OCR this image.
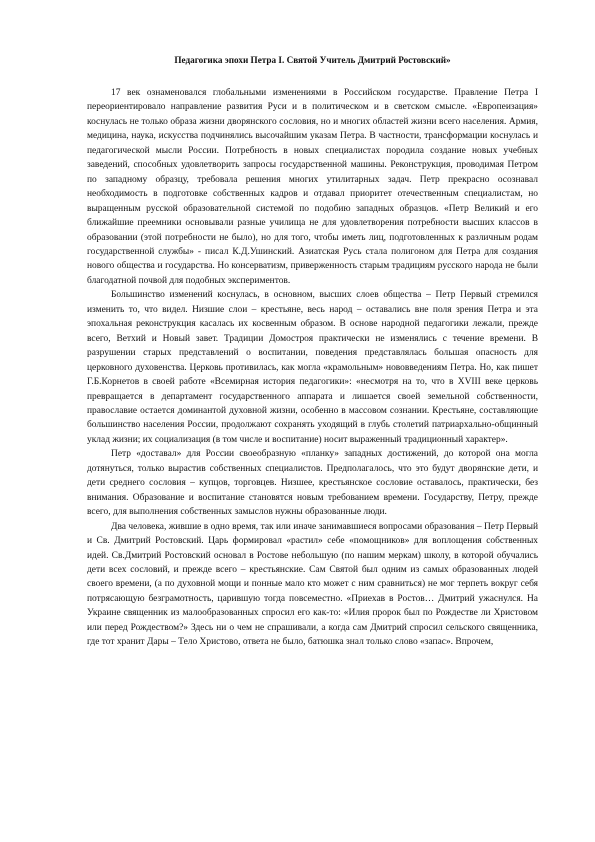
Педагогика эпохи Петра I. Святой Учитель Дмитрий Ростовский»

17 век ознаменовался глобальными изменениями в Российском государстве. Правление Петра I переориентировало направление развития Руси и в политическом и в светском смысле. «Европеизация» коснулась не только образа жизни дворянского сословия, но и многих областей жизни всего населения. Армия, медицина, наука, искусства подчинялись высочайшим указам Петра. В частности, трансформации коснулась и педагогической мысли России. Потребность в новых специалистах породила создание новых учебных заведений, способных удовлетворить запросы государственной машины. Реконструкция, проводимая Петром по западному образцу, требовала решения многих утилитарных задач. Петр прекрасно осознавал необходимость в подготовке собственных кадров и отдавал приоритет отечественным специалистам, но выращенным русской образовательной системой по подобию западных образцов. «Петр Великий и его ближайшие преемники основывали разные училища не для удовлетворения потребности высших классов в образовании (этой потребности не было), но для того, чтобы иметь лиц, подготовленных к различным родам государственной службы» - писал К.Д.Ушинский. Азиатская Русь стала полигоном для Петра для создания нового общества и государства. Но консерватизм, приверженность старым традициям русского народа не были благодатной почвой для подобных экспериментов.

Большинство изменений коснулась, в основном, высших слоев общества – Петр Первый стремился изменить то, что видел. Низшие слои – крестьяне, весь народ – оставались вне поля зрения Петра и эта эпохальная реконструкция касалась их косвенным образом. В основе народной педагогики лежали, прежде всего, Ветхий и Новый завет. Традиции Домостроя практически не изменялись с течение времени. В разрушении старых представлений о воспитании, поведения представлялась большая опасность для церковного духовенства. Церковь противилась, как могла «крамольным» нововведениям Петра. Но, как пишет Г.Б.Корнетов в своей работе «Всемирная история педагогики»: «несмотря на то, что в XVIII веке церковь превращается в департамент государственного аппарата и лишается своей земельной собственности, православие остается доминантой духовной жизни, особенно в массовом сознании. Крестьяне, составляющие большинство населения России, продолжают сохранять уходящий в глубь столетий патриархально-общинный уклад жизни; их социализация (в том числе и воспитание) носит выраженный традиционный характер».

Петр «доставал» для России своеобразную «планку» западных достижений, до которой она могла дотянуться, только вырастив собственных специалистов. Предполагалось, что это будут дворянские дети, и дети среднего сословия – купцов, торговцев. Низшее, крестьянское сословие оставалось, практически, без внимания. Образование и воспитание становятся новым требованием времени. Государству, Петру, прежде всего, для выполнения собственных замыслов нужны образованные люди.

Два человека, жившие в одно время, так или иначе занимавшиеся вопросами образования – Петр Первый и Св. Дмитрий Ростовский. Царь формировал «растил» себе «помощников» для воплощения собственных идей. Св.Дмитрий Ростовский основал в Ростове небольшую (по нашим меркам) школу, в которой обучались дети всех сословий, и прежде всего – крестьянские. Сам Святой был одним из самых образованных людей своего времени, (а по духовной мощи и понные мало кто может с ним сравниться) не мог терпеть вокруг себя потрясающую безграмотность, царившую тогда повсеместно. «Приехав в Ростов… Дмитрий ужаснулся. На Украине священник из малообразованных спросил его как-то: «Илия пророк был по Рождестве ли Христовом или перед Рождеством?» Здесь ни о чем не спрашивали, а когда сам Дмитрий спросил сельского священника, где тот хранит Дары – Тело Христово, ответа не было, батюшка знал только слово «запас». Впрочем,
